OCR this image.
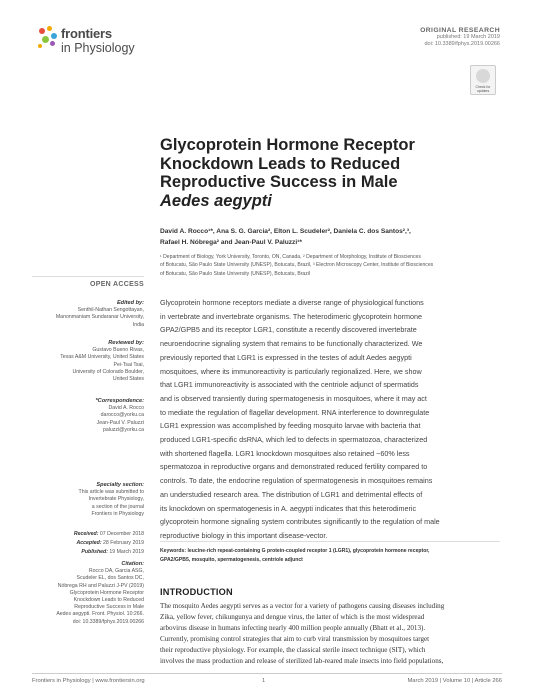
frontiers
in Physiology
ORIGINAL RESEARCH
published: 19 March 2019
doi: 10.3389/fphys.2019.00266
Check for updates
Glycoprotein Hormone Receptor
Knockdown Leads to Reduced
Reproductive Success in Male
Aedes aegypti
David A. Rocco¹*, Ana S. G. Garcia², Elton L. Scudeler², Daniela C. dos Santos²,³,
Rafael H. Nóbrega² and Jean-Paul V. Paluzzi¹*
¹ Department of Biology, York University, Toronto, ON, Canada, ² Department of Morphology, Institute of Biosciences
of Botucatu, São Paulo State University (UNESP), Botucatu, Brazil, ³ Electron Microscopy Center, Institute of Biosciences
of Botucatu, São Paulo State University (UNESP), Botucatu, Brazil
OPEN ACCESS
Edited by:
Senthil-Nathan Sengottayan,
Manonmaniam Sundaranar University,
India
Reviewed by:
Gustavo Bueno Rivas,
Texas A&M University, United States
Pei-Tsai Tsai,
University of Colorado Boulder,
United States
*Correspondence:
David A. Rocco
darocco@yorku.ca
Jean-Paul V. Paluzzi
paluzzi@yorku.ca
Specialty section:
This article was submitted to
Invertebrate Physiology,
a section of the journal
Frontiers in Physiology
Received: 07 December 2018
Accepted: 28 February 2019
Published: 19 March 2019
Citation:
Rocco DA, Garcia ASG,
Scudeler EL, dos Santos DC,
Nóbrega RH and Paluzzi J-PV (2019)
Glycoprotein Hormone Receptor
Knockdown Leads to Reduced
Reproductive Success in Male
Aedes aegypti. Front. Physiol. 10:266.
doi: 10.3389/fphys.2019.00266
Glycoprotein hormone receptors mediate a diverse range of physiological functions
in vertebrate and invertebrate organisms. The heterodimeric glycoprotein hormone
GPA2/GPB5 and its receptor LGR1, constitute a recently discovered invertebrate
neuroendocrine signaling system that remains to be functionally characterized. We
previously reported that LGR1 is expressed in the testes of adult Aedes aegypti
mosquitoes, where its immunoreactivity is particularly regionalized. Here, we show
that LGR1 immunoreactivity is associated with the centriole adjunct of spermatids
and is observed transiently during spermatogenesis in mosquitoes, where it may act
to mediate the regulation of flagellar development. RNA interference to downregulate
LGR1 expression was accomplished by feeding mosquito larvae with bacteria that
produced LGR1-specific dsRNA, which led to defects in spermatozoa, characterized
with shortened flagella. LGR1 knockdown mosquitoes also retained ~60% less
spermatozoa in reproductive organs and demonstrated reduced fertility compared to
controls. To date, the endocrine regulation of spermatogenesis in mosquitoes remains
an understudied research area. The distribution of LGR1 and detrimental effects of
its knockdown on spermatogenesis in A. aegypti indicates that this heterodimeric
glycoprotein hormone signaling system contributes significantly to the regulation of male
reproductive biology in this important disease-vector.
Keywords: leucine-rich repeat-containing G protein-coupled receptor 1 (LGR1), glycoprotein hormone receptor,
GPA2/GPB5, mosquito, spermatogenesis, centriole adjunct
INTRODUCTION
The mosquito Aedes aegypti serves as a vector for a variety of pathogens causing diseases including
Zika, yellow fever, chikungunya and dengue virus, the latter of which is the most widespread
arbovirus disease in humans infecting nearly 400 million people annually (Bhatt et al., 2013).
Currently, promising control strategies that aim to curb viral transmission by mosquitoes target
their reproductive physiology. For example, the classical sterile insect technique (SIT), which
involves the mass production and release of sterilized lab-reared male insects into field populations,
Frontiers in Physiology | www.frontiersin.org	1	March 2019 | Volume 10 | Article 266
